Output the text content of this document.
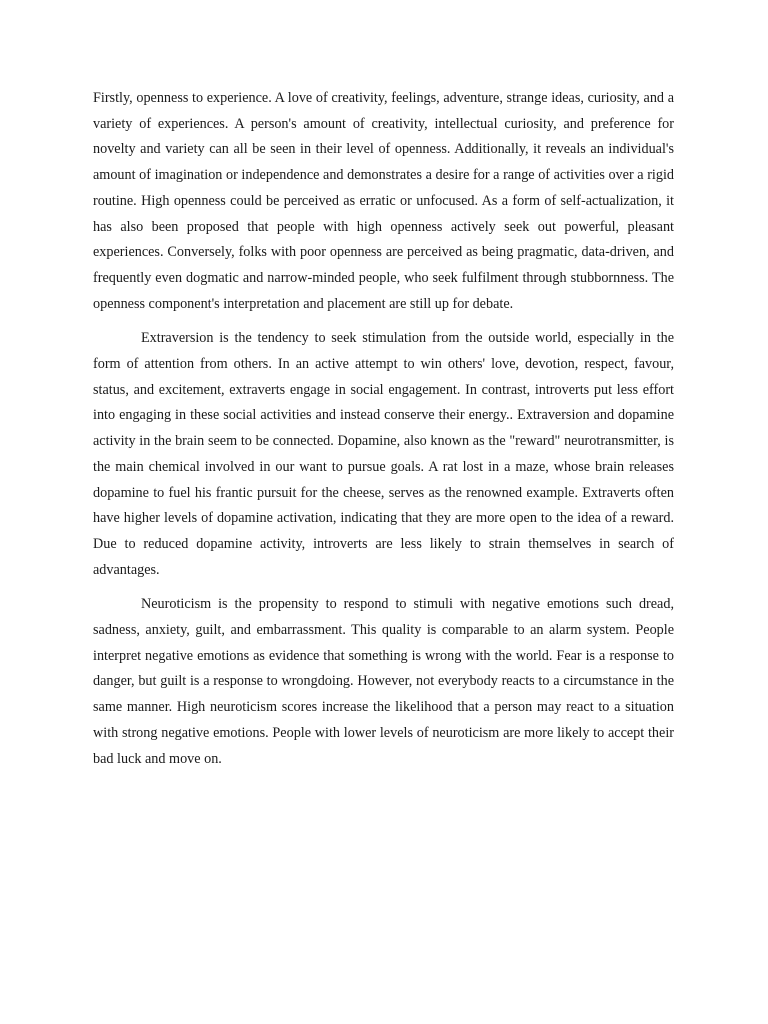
Firstly, openness to experience. A love of creativity, feelings, adventure, strange ideas, curiosity, and a variety of experiences. A person's amount of creativity, intellectual curiosity, and preference for novelty and variety can all be seen in their level of openness. Additionally, it reveals an individual's amount of imagination or independence and demonstrates a desire for a range of activities over a rigid routine. High openness could be perceived as erratic or unfocused. As a form of self-actualization, it has also been proposed that people with high openness actively seek out powerful, pleasant experiences. Conversely, folks with poor openness are perceived as being pragmatic, data-driven, and frequently even dogmatic and narrow-minded people, who seek fulfilment through stubbornness. The openness component's interpretation and placement are still up for debate.

Extraversion is the tendency to seek stimulation from the outside world, especially in the form of attention from others. In an active attempt to win others' love, devotion, respect, favour, status, and excitement, extraverts engage in social engagement. In contrast, introverts put less effort into engaging in these social activities and instead conserve their energy.. Extraversion and dopamine activity in the brain seem to be connected. Dopamine, also known as the "reward" neurotransmitter, is the main chemical involved in our want to pursue goals. A rat lost in a maze, whose brain releases dopamine to fuel his frantic pursuit for the cheese, serves as the renowned example. Extraverts often have higher levels of dopamine activation, indicating that they are more open to the idea of a reward. Due to reduced dopamine activity, introverts are less likely to strain themselves in search of advantages.

Neuroticism is the propensity to respond to stimuli with negative emotions such dread, sadness, anxiety, guilt, and embarrassment. This quality is comparable to an alarm system. People interpret negative emotions as evidence that something is wrong with the world. Fear is a response to danger, but guilt is a response to wrongdoing. However, not everybody reacts to a circumstance in the same manner. High neuroticism scores increase the likelihood that a person may react to a situation with strong negative emotions. People with lower levels of neuroticism are more likely to accept their bad luck and move on.
